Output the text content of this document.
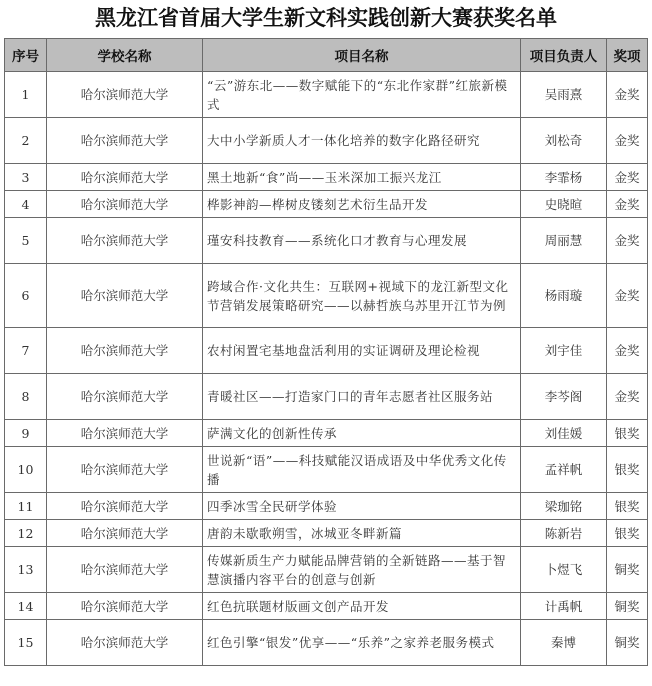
黑龙江省首届大学生新文科实践创新大赛获奖名单
序号	学校名称	项目名称	项目负责人	奖项
1	哈尔滨师范大学	“云”游东北——数字赋能下的“东北作家群”红旅新模式	吴雨熹	金奖
2	哈尔滨师范大学	大中小学新质人才一体化培养的数字化路径研究	刘松奇	金奖
3	哈尔滨师范大学	黑土地新“食”尚——玉米深加工振兴龙江	李霏杨	金奖
4	哈尔滨师范大学	桦影神韵—桦树皮镂刻艺术衍生品开发	史晓暄	金奖
5	哈尔滨师范大学	瑾安科技教育——系统化口才教育与心理发展	周丽慧	金奖
6	哈尔滨师范大学	跨域合作·文化共生：互联网+视域下的龙江新型文化节营销发展策略研究——以赫哲族乌苏里开江节为例	杨雨璇	金奖
7	哈尔滨师范大学	农村闲置宅基地盘活利用的实证调研及理论检视	刘宇佳	金奖
8	哈尔滨师范大学	青暖社区——打造家门口的青年志愿者社区服务站	李芩阁	金奖
9	哈尔滨师范大学	萨满文化的创新性传承	刘佳媛	银奖
10	哈尔滨师范大学	世说新“语”——科技赋能汉语成语及中华优秀文化传播	孟祥帆	银奖
11	哈尔滨师范大学	四季冰雪全民研学体验	梁珈铭	银奖
12	哈尔滨师范大学	唐韵未歇歌朔雪，冰城亚冬畔新篇	陈新岩	银奖
13	哈尔滨师范大学	传媒新质生产力赋能品牌营销的全新链路——基于智慧演播内容平台的创意与创新	卜煜飞	铜奖
14	哈尔滨师范大学	红色抗联题材版画文创产品开发	计禹帆	铜奖
15	哈尔滨师范大学	红色引擎“银发”优享——“乐养”之家养老服务模式	秦博	铜奖
